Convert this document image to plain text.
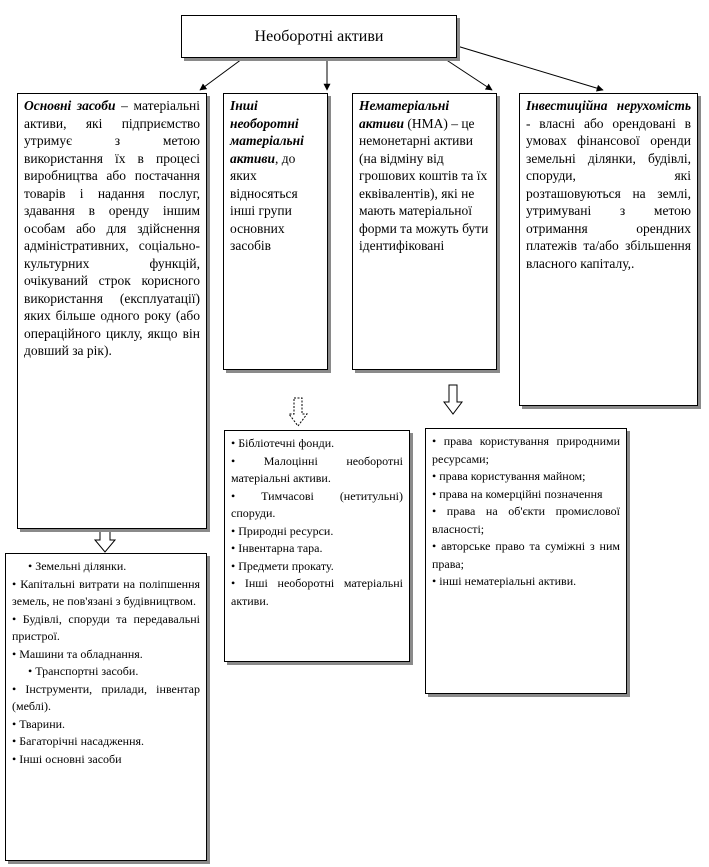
Необоротні активи
Основні засоби – матеріальні активи, які підприємство утримує з метою використання їх в процесі виробництва або постачання товарів і надання послуг, здавання в оренду іншим особам або для здійснення адміністративних, соціально-культурних функцій, очікуваний строк корисного використання (експлуатації) яких більше одного року (або операційного циклу, якщо він довший за рік).
Інші необоротні матеріальні активи, до яких відносяться інші групи основних засобів
Нематеріальні активи (НМА) – це немонетарні активи (на відміну від грошових коштів та їх еквівалентів), які не мають матеріальної форми та можуть бути ідентифіковані
Інвестиційна нерухомість - власні або орендовані в умовах фінансової оренди земельні ділянки, будівлі, споруди, які розташовуються на землі, утримувані з метою отримання орендних платежів та/або збільшення власного капіталу,.
• Земельні ділянки.
• Капітальні витрати на поліпшення земель, не пов'язані з будівництвом.
• Будівлі, споруди та передавальні пристрої.
• Машини та обладнання.
• Транспортні засоби.
• Інструменти, прилади, інвентар (меблі).
• Тварини.
• Багаторічні насадження.
• Інші основні засоби
• Бібліотечні фонди.
• Малоцінні необоротні матеріальні активи.
• Тимчасові (нетитульні) споруди.
• Природні ресурси.
• Інвентарна тара.
• Предмети прокату.
• Інші необоротні матеріальні активи.
• права користування природними ресурсами;
• права користування майном;
• права на комерційні позначення
• права на об'єкти промислової власності;
• авторське право та суміжні з ним права;
• інші нематеріальні активи.
